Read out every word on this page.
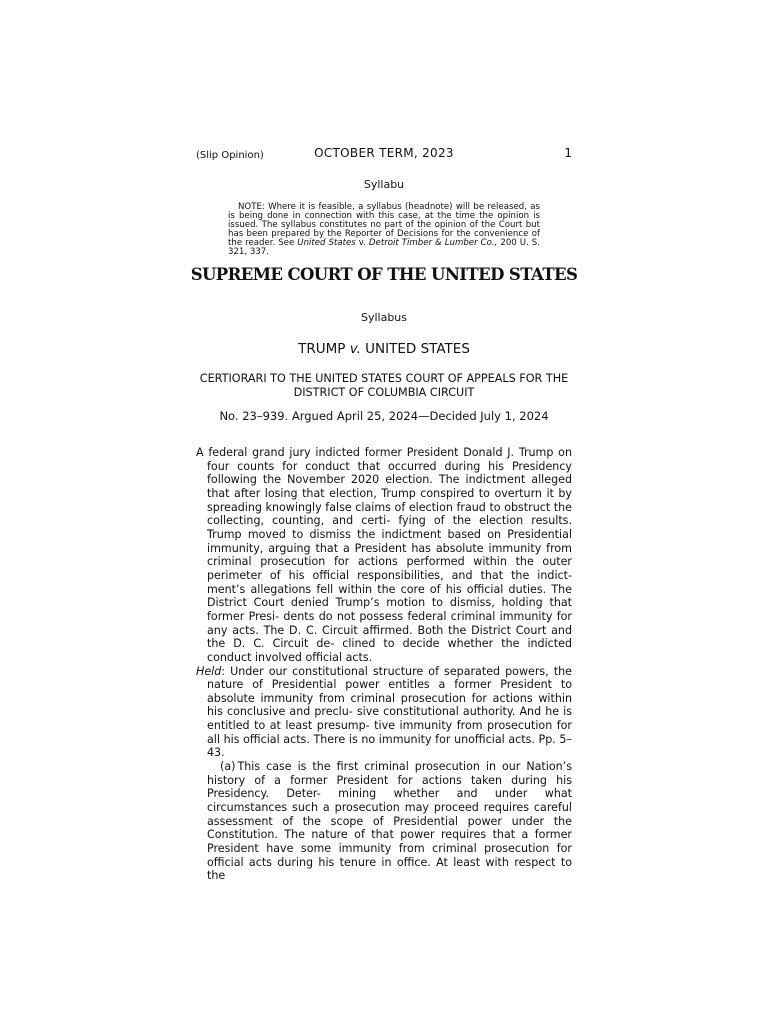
(Slip Opinion)	OCTOBER TERM, 2023	1
Syllabu
NOTE: Where it is feasible, a syllabus (headnote) will be released, as is being done in connection with this case, at the time the opinion is issued. The syllabus constitutes no part of the opinion of the Court but has been prepared by the Reporter of Decisions for the convenience of the reader. See United States v. Detroit Timber & Lumber Co., 200 U. S. 321, 337.
SUPREME COURT OF THE UNITED STATES
Syllabus
TRUMP v. UNITED STATES
CERTIORARI TO THE UNITED STATES COURT OF APPEALS FOR THE DISTRICT OF COLUMBIA CIRCUIT
No. 23–939. Argued April 25, 2024—Decided July 1, 2024

A federal grand jury indicted former President Donald J. Trump on four counts for conduct that occurred during his Presidency following the November 2020 election. The indictment alleged that after losing that election, Trump conspired to overturn it by spreading knowingly false claims of election fraud to obstruct the collecting, counting, and certi- fying of the election results. Trump moved to dismiss the indictment based on Presidential immunity, arguing that a President has absolute immunity from criminal prosecution for actions performed within the outer perimeter of his official responsibilities, and that the indict- ment’s allegations fell within the core of his official duties. The District Court denied Trump’s motion to dismiss, holding that former Presi- dents do not possess federal criminal immunity for any acts. The D. C. Circuit affirmed. Both the District Court and the D. C. Circuit de- clined to decide whether the indicted conduct involved official acts.

Held: Under our constitutional structure of separated powers, the nature of Presidential power entitles a former President to absolute immunity from criminal prosecution for actions within his conclusive and preclu- sive constitutional authority. And he is entitled to at least presump- tive immunity from prosecution for all his official acts. There is no immunity for unofficial acts. Pp. 5–43.

(a) This case is the first criminal prosecution in our Nation’s history of a former President for actions taken during his Presidency. Deter- mining whether and under what circumstances such a prosecution may proceed requires careful assessment of the scope of Presidential power under the Constitution. The nature of that power requires that a former President have some immunity from criminal prosecution for official acts during his tenure in office. At least with respect to the
